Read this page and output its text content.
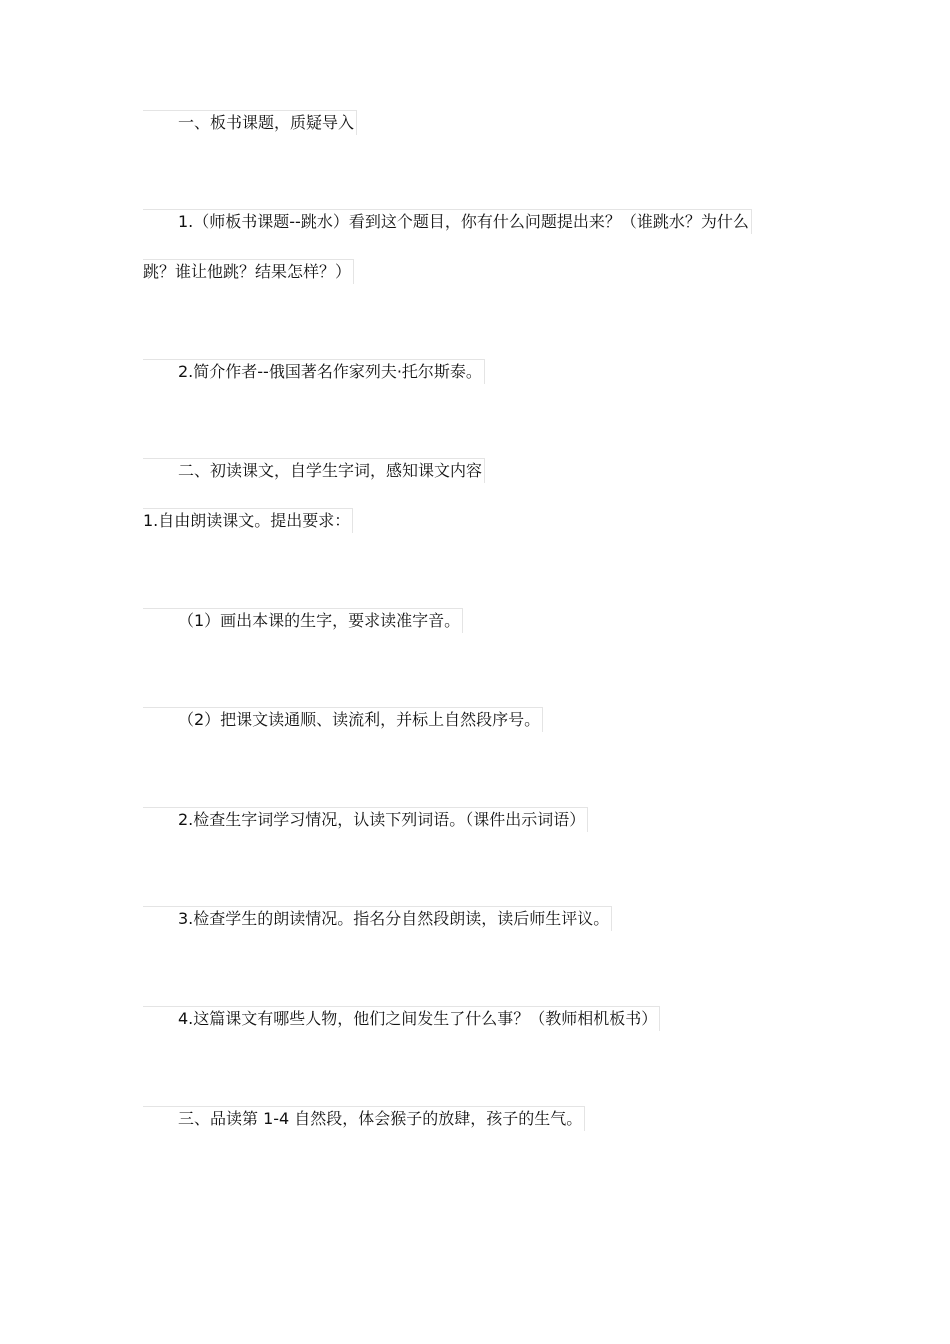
一、板书课题，质疑导入
1.（师板书课题--跳水）看到这个题目，你有什么问题提出来？（谁跳水？为什么
跳？谁让他跳？结果怎样？）
2.简介作者--俄国著名作家列夫·托尔斯泰。
二、初读课文，自学生字词，感知课文内容
1.自由朗读课文。提出要求：
（1）画出本课的生字，要求读准字音。
（2）把课文读通顺、读流利，并标上自然段序号。
2.检查生字词学习情况，认读下列词语。（课件出示词语）
3.检查学生的朗读情况。指名分自然段朗读，读后师生评议。
4.这篇课文有哪些人物，他们之间发生了什么事？（教师相机板书）
三、品读第 1-4 自然段，体会猴子的放肆，孩子的生气。
